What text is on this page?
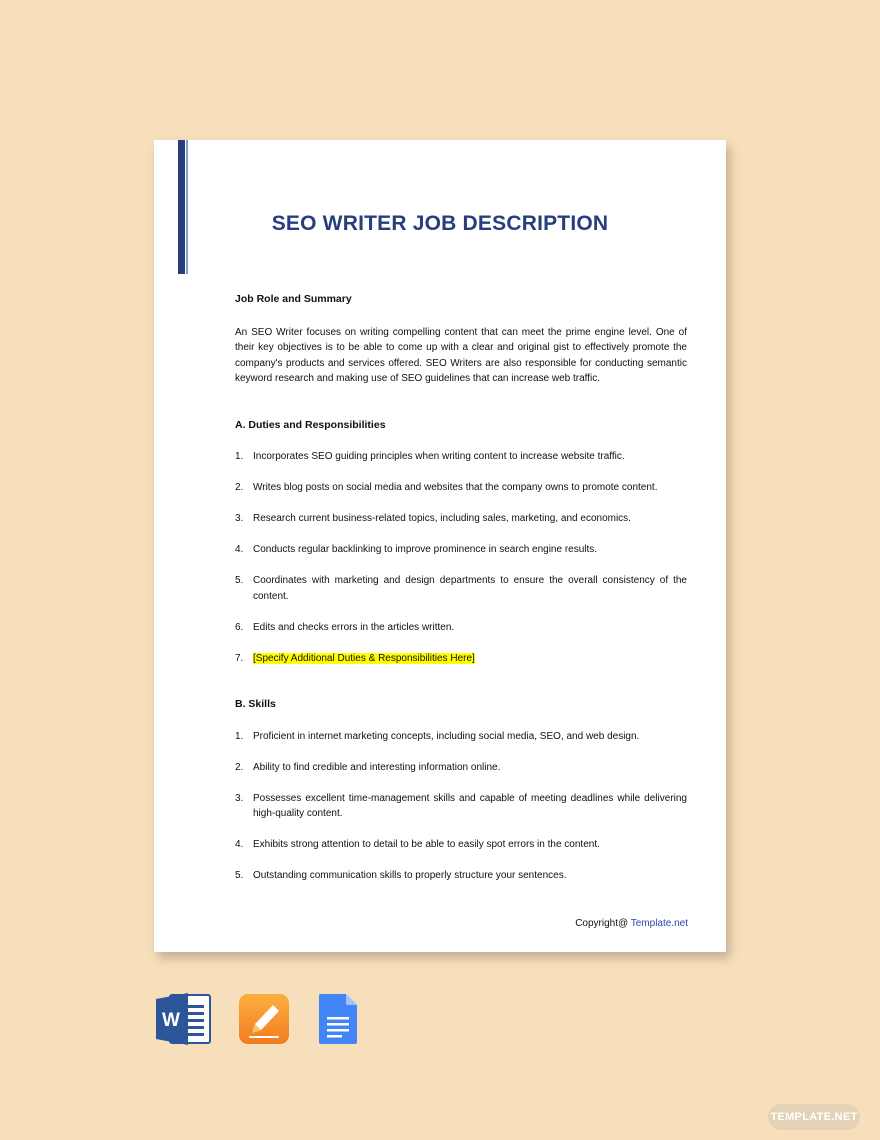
SEO WRITER JOB DESCRIPTION
Job Role and Summary
An SEO Writer focuses on writing compelling content that can meet the prime engine level. One of their key objectives is to be able to come up with a clear and original gist to effectively promote the company's products and services offered. SEO Writers are also responsible for conducting semantic keyword research and making use of SEO guidelines that can increase web traffic.
A. Duties and Responsibilities
1. Incorporates SEO guiding principles when writing content to increase website traffic.
2. Writes blog posts on social media and websites that the company owns to promote content.
3. Research current business-related topics, including sales, marketing, and economics.
4. Conducts regular backlinking to improve prominence in search engine results.
5. Coordinates with marketing and design departments to ensure the overall consistency of the content.
6. Edits and checks errors in the articles written.
7. [Specify Additional Duties & Responsibilities Here]
B. Skills
1. Proficient in internet marketing concepts, including social media, SEO, and web design.
2. Ability to find credible and interesting information online.
3. Possesses excellent time-management skills and capable of meeting deadlines while delivering high-quality content.
4. Exhibits strong attention to detail to be able to easily spot errors in the content.
5. Outstanding communication skills to properly structure your sentences.
Copyright@ Template.net
W
TEMPLATE.NET
